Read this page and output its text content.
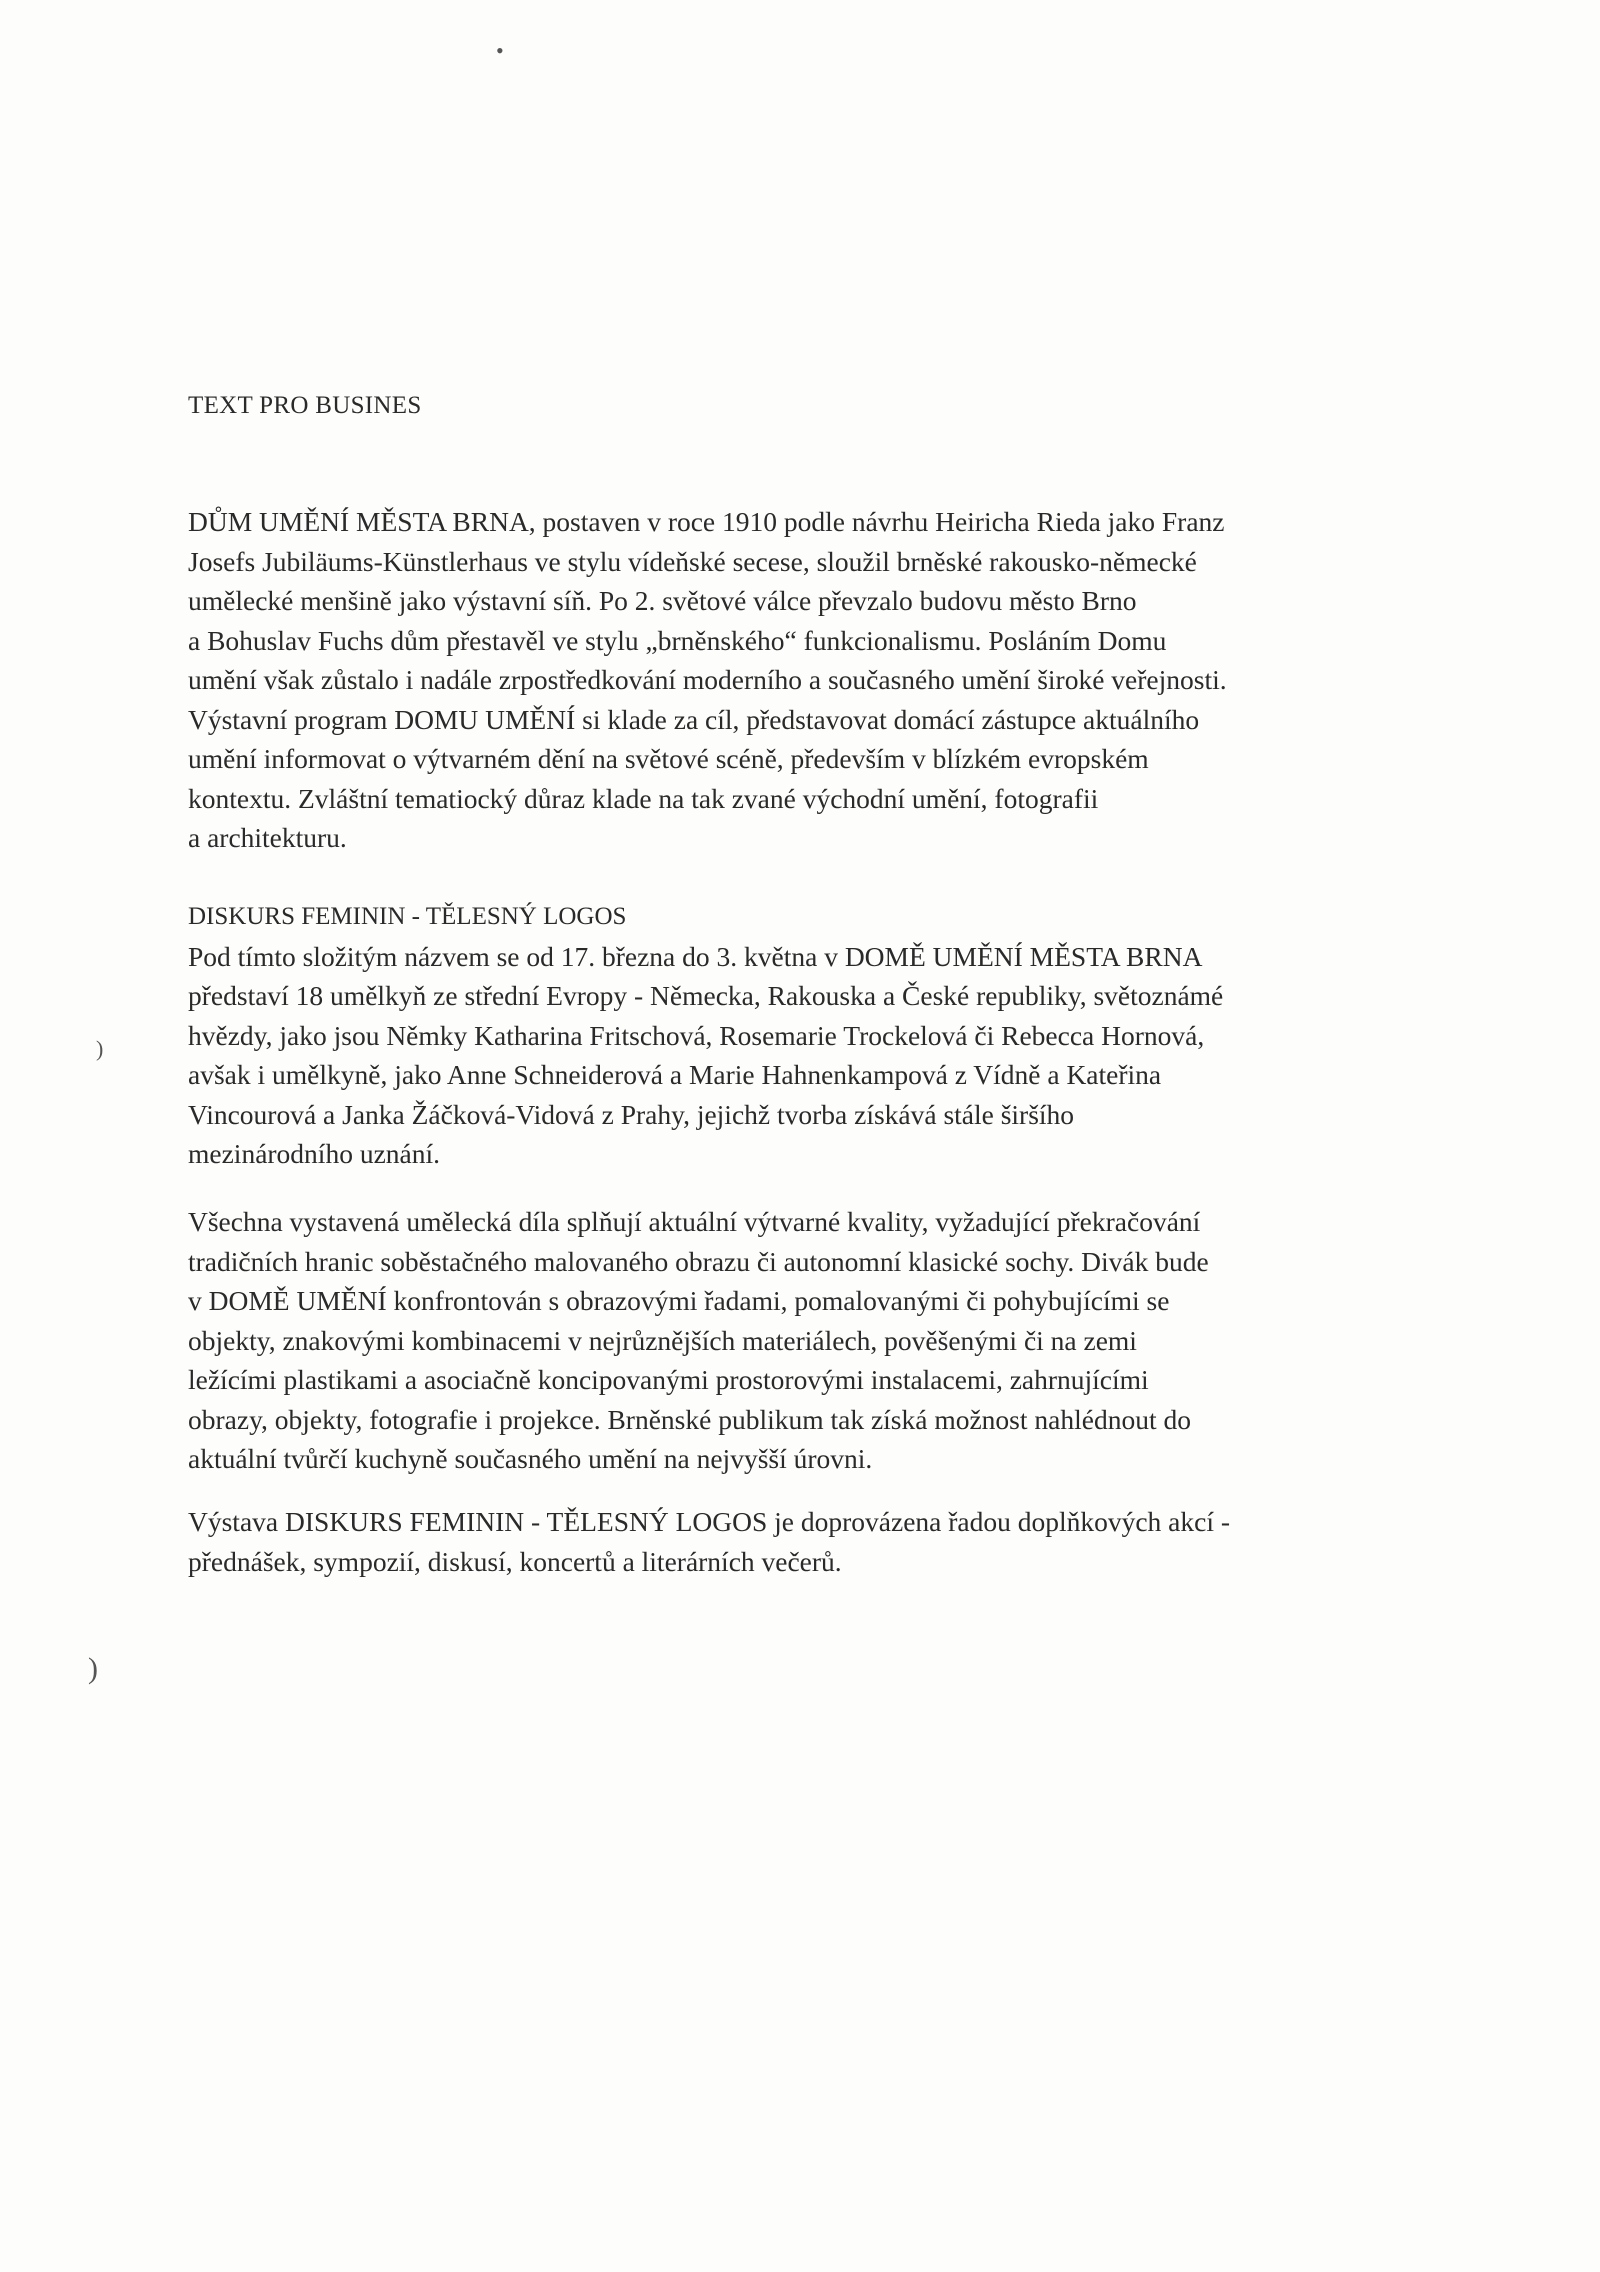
•
)
)
TEXT PRO BUSINES
DŮM UMĚNÍ MĚSTA BRNA, postaven v roce 1910 podle návrhu Heiricha Rieda jako Franz
Josefs Jubiläums-Künstlerhaus ve stylu vídeňské secese, sloužil brněské rakousko-německé
umělecké menšině jako výstavní síň. Po 2. světové válce převzalo budovu město Brno
a Bohuslav Fuchs dům přestavěl ve stylu „brněnského“ funkcionalismu. Posláním Domu
umění však zůstalo i nadále zrpostředkování moderního a současného umění široké veřejnosti.
Výstavní program DOMU UMĚNÍ si klade za cíl, představovat domácí zástupce aktuálního
umění informovat o výtvarném dění na světové scéně, především v blízkém evropském
kontextu. Zvláštní tematiocký důraz klade na tak zvané východní umění, fotografii
a architekturu.
DISKURS FEMININ - TĚLESNÝ LOGOS
Pod tímto složitým názvem se od 17. března do 3. května v DOMĚ UMĚNÍ MĚSTA BRNA
představí 18 umělkyň ze střední Evropy - Německa, Rakouska a České republiky, světoznámé
hvězdy, jako jsou Němky Katharina Fritschová, Rosemarie Trockelová či Rebecca Hornová,
avšak i umělkyně, jako Anne Schneiderová a Marie Hahnenkampová z Vídně a Kateřina
Vincourová a Janka Žáčková-Vidová z Prahy, jejichž tvorba získává stále širšího
mezinárodního uznání.
Všechna vystavená umělecká díla splňují aktuální výtvarné kvality, vyžadující překračování
tradičních hranic soběstačného malovaného obrazu či autonomní klasické sochy. Divák bude
v DOMĚ UMĚNÍ konfrontován s obrazovými řadami, pomalovanými či pohybujícími se
objekty, znakovými kombinacemi v nejrůznějších materiálech, pověšenými či na zemi
ležícími plastikami a asociačně koncipovanými prostorovými instalacemi, zahrnujícími
obrazy, objekty, fotografie i projekce. Brněnské publikum tak získá možnost nahlédnout do
aktuální tvůrčí kuchyně současného umění na nejvyšší úrovni.
Výstava DISKURS FEMININ - TĚLESNÝ LOGOS je doprovázena řadou doplňkových akcí -
přednášek, sympozií, diskusí, koncertů a literárních večerů.
